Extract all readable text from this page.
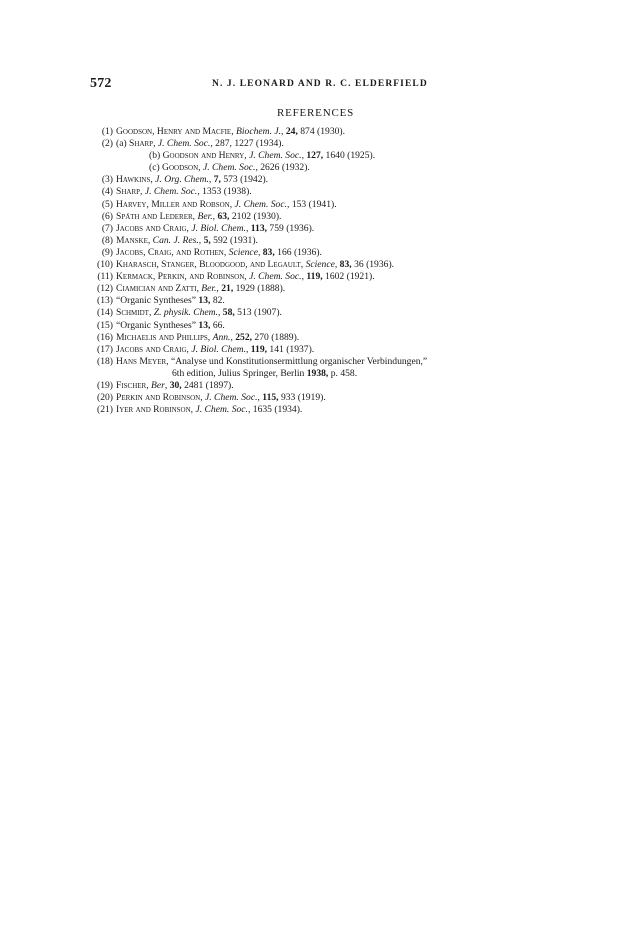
572	N. J. LEONARD AND R. C. ELDERFIELD
REFERENCES
(1) Goodson, Henry and Macfie, Biochem. J., 24, 874 (1930).
(2) (a) Sharp, J. Chem. Soc., 287, 1227 (1934).
(b) Goodson and Henry, J. Chem. Soc., 127, 1640 (1925).
(c) Goodson, J. Chem. Soc., 2626 (1932).
(3) Hawkins, J. Org. Chem., 7, 573 (1942).
(4) Sharp, J. Chem. Soc., 1353 (1938).
(5) Harvey, Miller and Robson, J. Chem. Soc., 153 (1941).
(6) Späth and Lederer, Ber., 63, 2102 (1930).
(7) Jacobs and Craig, J. Biol. Chem., 113, 759 (1936).
(8) Manske, Can. J. Res., 5, 592 (1931).
(9) Jacobs, Craig, and Rothen, Science, 83, 166 (1936).
(10) Kharasch, Stanger, Bloodgood, and Legault, Science, 83, 36 (1936).
(11) Kermack, Perkin, and Robinson, J. Chem. Soc., 119, 1602 (1921).
(12) Ciamician and Zatti, Ber., 21, 1929 (1888).
(13) “Organic Syntheses” 13, 82.
(14) Schmidt, Z. physik. Chem., 58, 513 (1907).
(15) “Organic Syntheses” 13, 66.
(16) Michaelis and Phillips, Ann., 252, 270 (1889).
(17) Jacobs and Craig, J. Biol. Chem., 119, 141 (1937).
(18) Hans Meyer, “Analyse und Konstitutionsermittlung organischer Verbindungen,”
6th edition, Julius Springer, Berlin 1938, p. 458.
(19) Fischer, Ber, 30, 2481 (1897).
(20) Perkin and Robinson, J. Chem. Soc., 115, 933 (1919).
(21) Iyer and Robinson, J. Chem. Soc., 1635 (1934).
